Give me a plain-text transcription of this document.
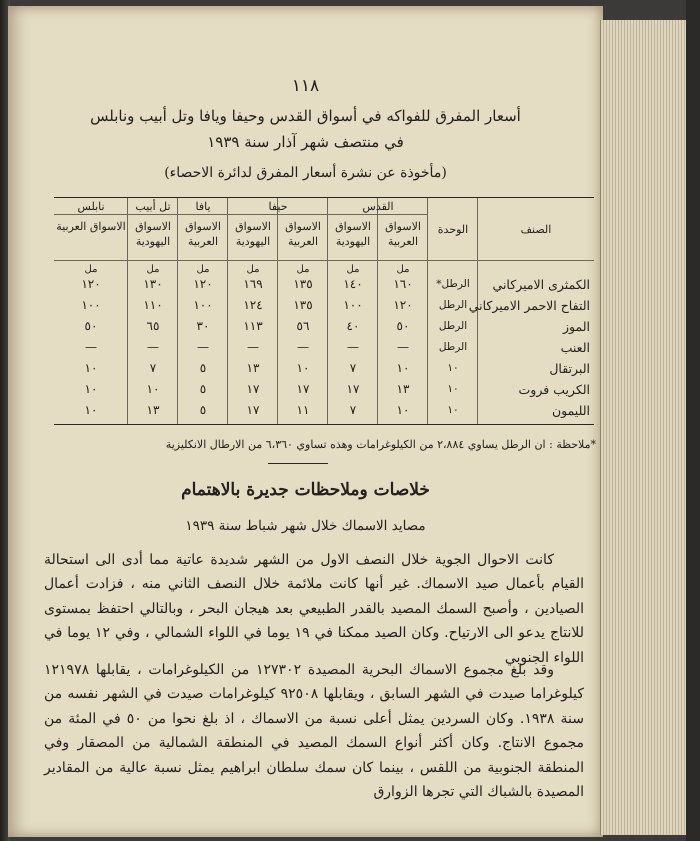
١١٨
أسعار المفرق للفواكه في أسواق القدس وحيفا ويافا وتل أبيب ونابلس
في منتصف شهر آذار سنة ١٩٣٩
(مأخوذة عن نشرة أسعار المفرق لدائرة الاحصاء)
الصنف
الوحدة
القدس
حيفا
يافا
تل أبيب
نابلس
الاسواق العربية
الاسواق اليهودية
الاسواق العربية
الاسواق اليهودية
الاسواق العربية
الاسواق اليهودية
الاسواق العربية
مل
مل
مل
مل
مل
مل
مل
الكمثرى الاميركاني
الرطل*
١٦٠
١٤٠
١٣٥
١٦٩
١٢٠
١٣٠
١٢٠
التفاح الاحمر الاميركاني
الرطل
١٢٠
١٠٠
١٣٥
١٢٤
١٠٠
١١٠
١٠٠
الموز
الرطل
٥٠
٤٠
٥٦
١١٣
٣٠
٦٥
٥٠
العنب
الرطل
—
—
—
—
—
—
—
البرتقال
١٠
١٠
٧
١٠
١٣
٥
٧
١٠
الكريب فروت
١٠
١٣
١٧
١٧
١٧
٥
١٠
١٠
الليمون
١٠
١٠
٧
١١
١٧
٥
١٣
١٠
*ملاحظة : ان الرطل يساوي ٢،٨٨٤ من الكيلوغرامات وهذه تساوي ٦،٣٦٠ من الارطال الانكليزية
خلاصات وملاحظات جديرة بالاهتمام
مصايد الاسماك خلال شهر شباط سنة ١٩٣٩
كانت الاحوال الجوية خلال النصف الاول من الشهر شديدة عاتية مما أدى الى استحالة القيام بأعمال صيد الاسماك. غير أنها كانت ملائمة خلال النصف الثاني منه ، فزادت أعمال الصيادين ، وأصبح السمك المصيد بالقدر الطبيعي بعد هيجان البحر ، وبالتالي احتفظ بمستوى للانتاج يدعو الى الارتياح. وكان الصيد ممكنا في ١٩ يوما في اللواء الشمالي ، وفي ١٢ يوما في اللواء الجنوبي
وقد بلغ مجموع الاسماك البحرية المصيدة ١٢٧٣٠٢ من الكيلوغرامات ، يقابلها ١٢١٩٧٨ كيلوغراما صيدت في الشهر السابق ، ويقابلها ٩٢٥٠٨ كيلوغرامات صيدت في الشهر نفسه من سنة ١٩٣٨. وكان السردين يمثل أعلى نسبة من الاسماك ، اذ بلغ نحوا من ٥٠ في المئة من مجموع الانتاج. وكان أكثر أنواع السمك المصيد في المنطقة الشمالية من المصقار وفي المنطقة الجنوبية من اللقس ، بينما كان سمك سلطان ابراهيم يمثل نسبة عالية من المقادير المصيدة بالشباك التي تجرها الزوارق
